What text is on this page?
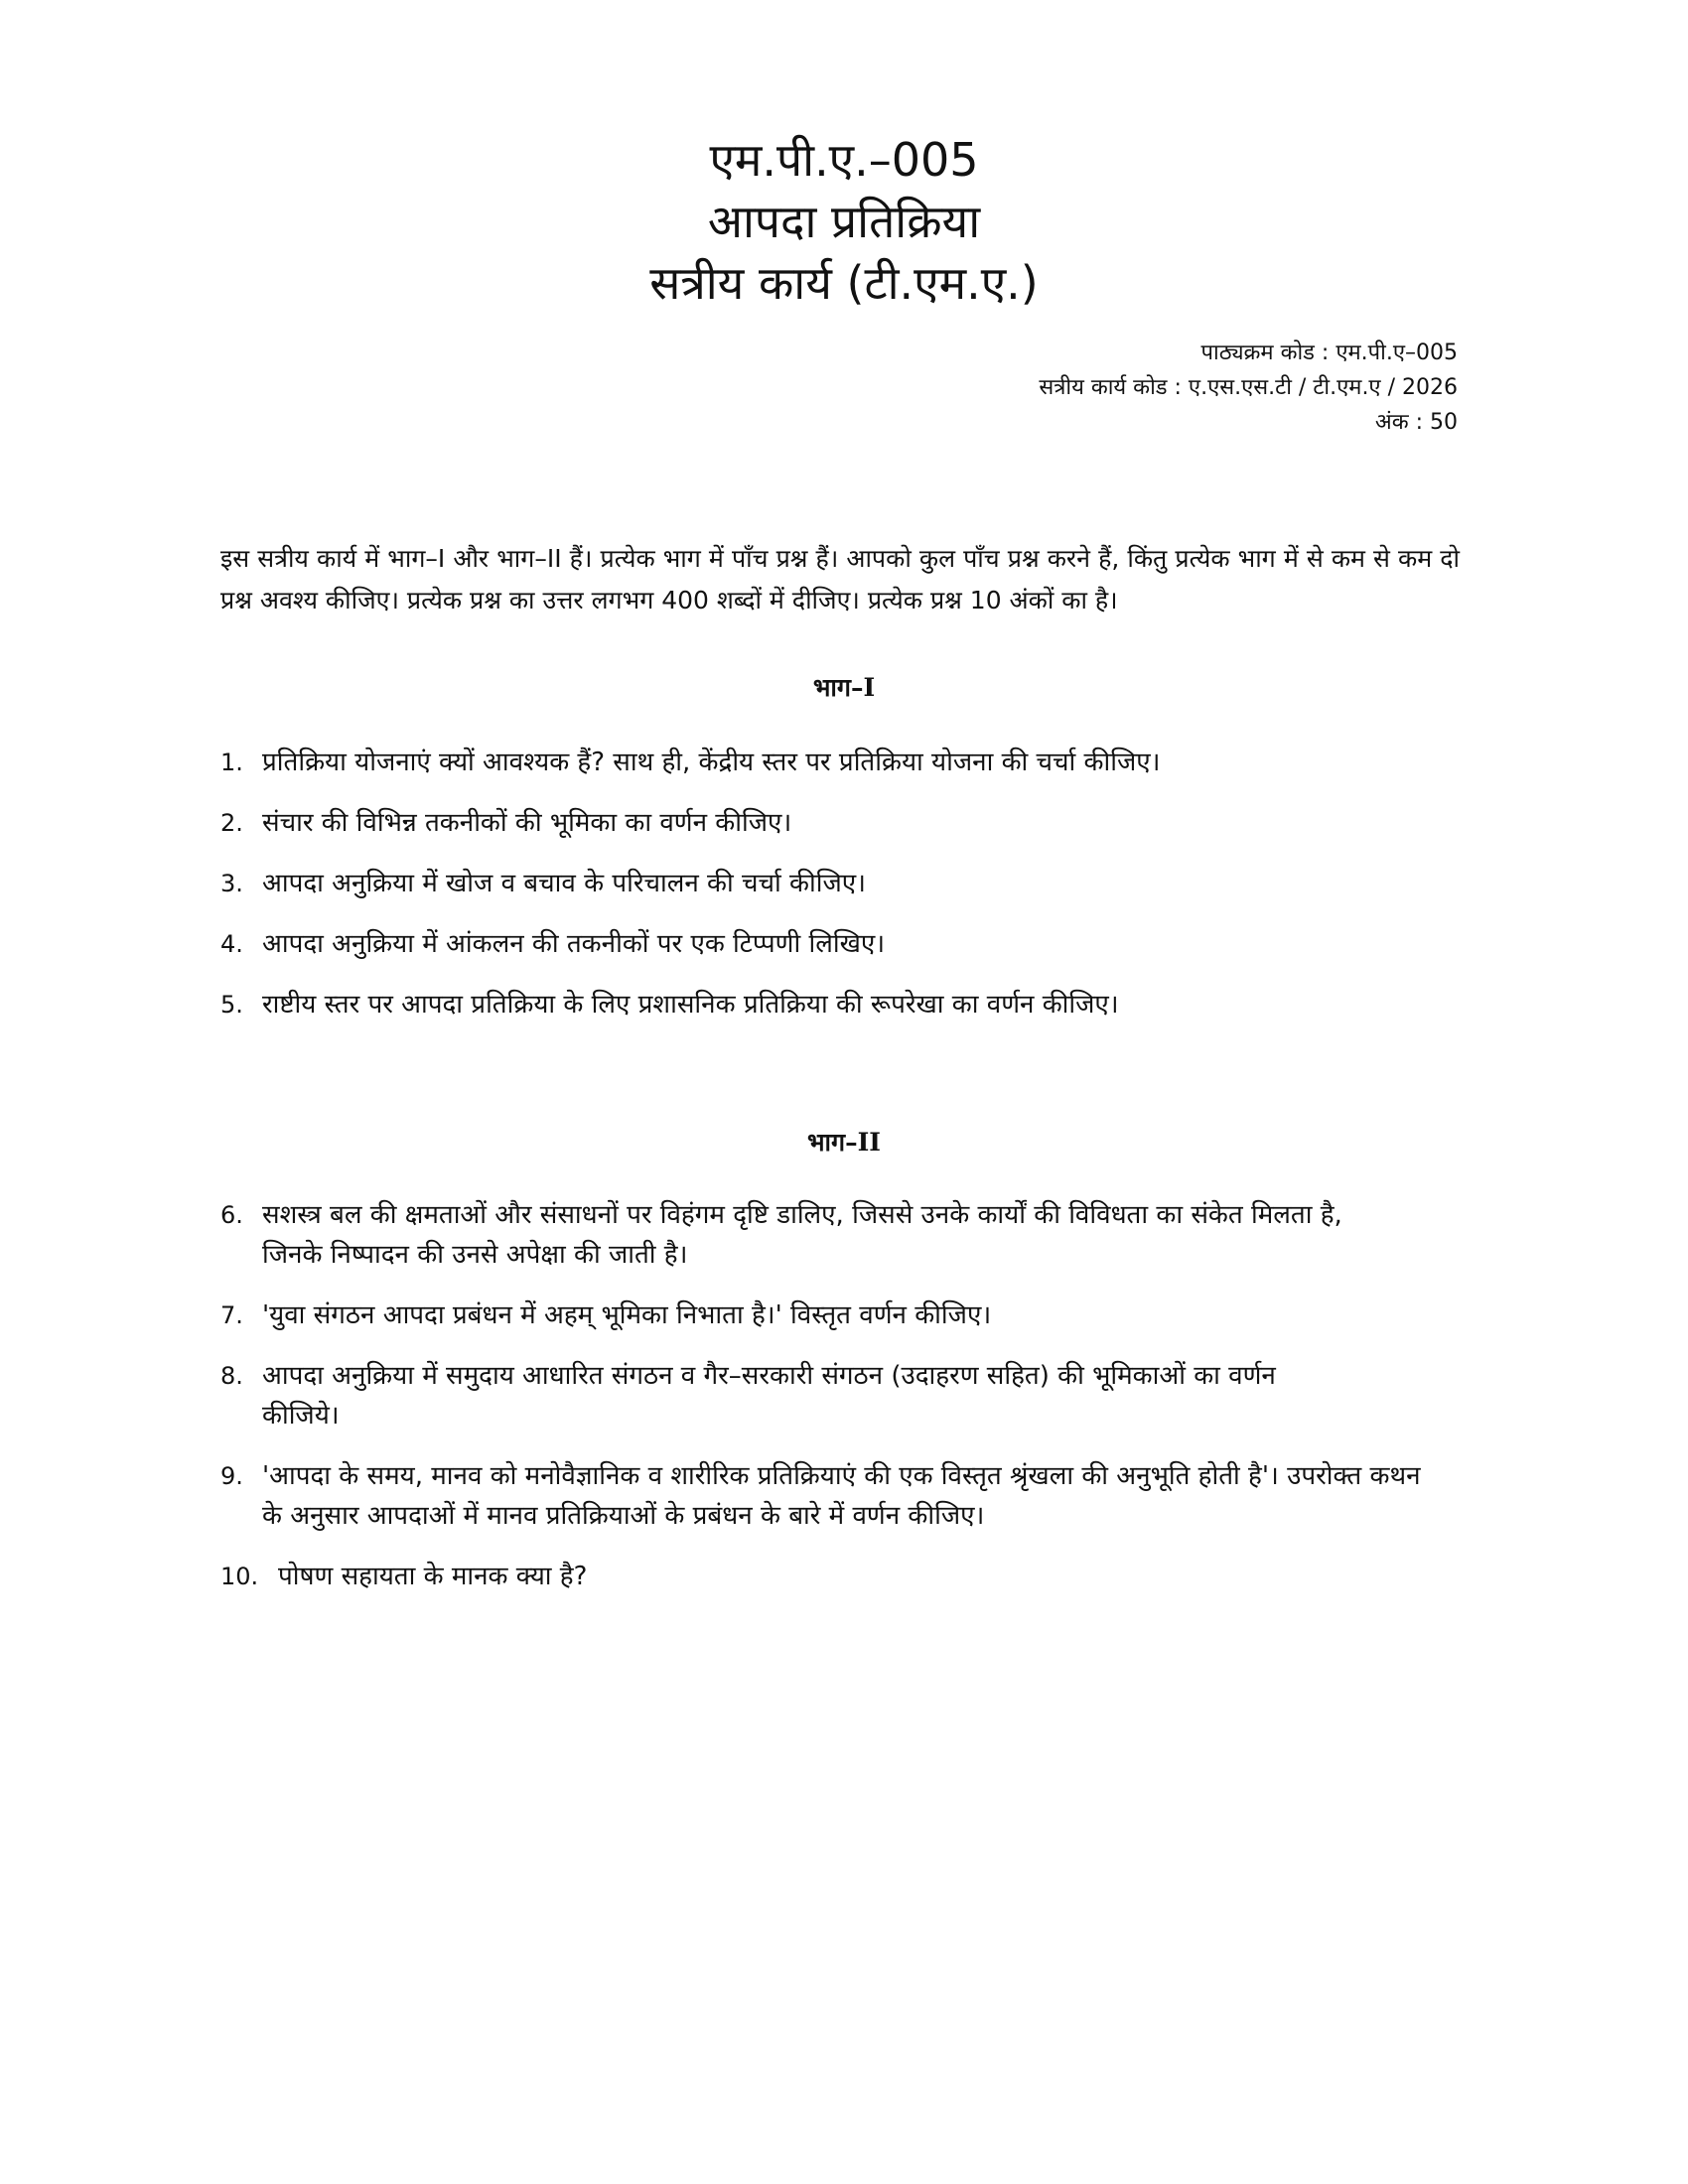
एम.पी.ए.–005
आपदा प्रतिक्रिया
सत्रीय कार्य (टी.एम.ए.)
पाठ्यक्रम कोड : एम.पी.ए–005
सत्रीय कार्य कोड : ए.एस.एस.टी / टी.एम.ए / 2026
अंक : 50

इस सत्रीय कार्य में भाग–I और भाग–II हैं। प्रत्येक भाग में पाँच प्रश्न हैं। आपको कुल पाँच प्रश्न करने हैं, किंतु प्रत्येक भाग में से कम से कम दो प्रश्न अवश्य कीजिए। प्रत्येक प्रश्न का उत्तर लगभग 400 शब्दों में दीजिए। प्रत्येक प्रश्न 10 अंकों का है।

भाग–I
1. प्रतिक्रिया योजनाएं क्यों आवश्यक हैं? साथ ही, केंद्रीय स्तर पर प्रतिक्रिया योजना की चर्चा कीजिए।
2. संचार की विभिन्न तकनीकों की भूमिका का वर्णन कीजिए।
3. आपदा अनुक्रिया में खोज व बचाव के परिचालन की चर्चा कीजिए।
4. आपदा अनुक्रिया में आंकलन की तकनीकों पर एक टिप्पणी लिखिए।
5. राष्टीय स्तर पर आपदा प्रतिक्रिया के लिए प्रशासनिक प्रतिक्रिया की रूपरेखा का वर्णन कीजिए।
भाग–II
6. सशस्त्र बल की क्षमताओं और संसाधनों पर विहंगम दृष्टि डालिए, जिससे उनके कार्यों की विविधता का संकेत मिलता है, जिनके निष्पादन की उनसे अपेक्षा की जाती है।
7. 'युवा संगठन आपदा प्रबंधन में अहम् भूमिका निभाता है।' विस्तृत वर्णन कीजिए।
8. आपदा अनुक्रिया में समुदाय आधारित संगठन व गैर–सरकारी संगठन (उदाहरण सहित) की भूमिकाओं का वर्णन कीजिये।
9. 'आपदा के समय, मानव को मनोवैज्ञानिक व शारीरिक प्रतिक्रियाएं की एक विस्तृत श्रृंखला की अनुभूति होती है'। उपरोक्त कथन के अनुसार आपदाओं में मानव प्रतिक्रियाओं के प्रबंधन के बारे में वर्णन कीजिए।
10. पोषण सहायता के मानक क्या है?
